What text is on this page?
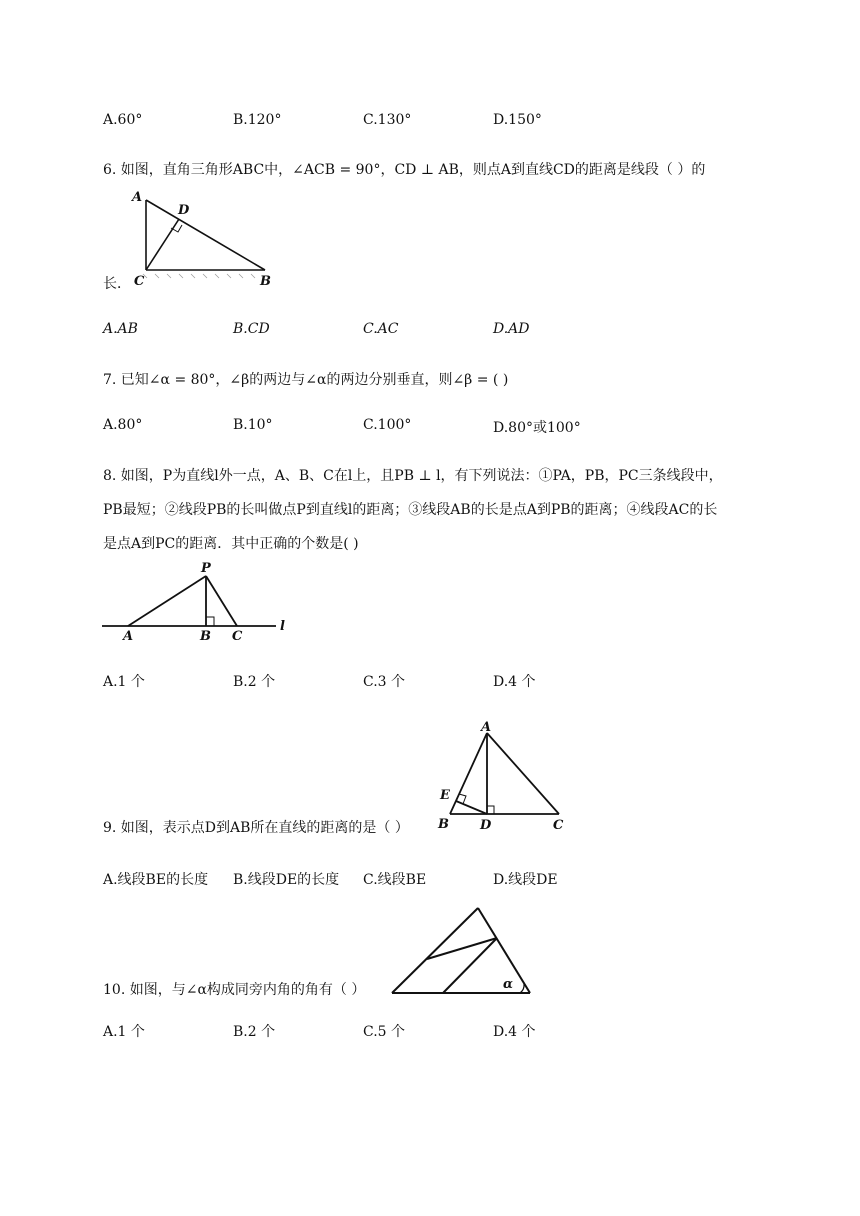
A.60°	B.120°	C.130°	D.150°
6. 如图，直角三角形ABC中，∠ACB = 90°，CD ⊥ AB，则点A到直线CD的距离是线段（ ）的
A
D
C	B
长．
A.AB	B.CD	C.AC	D.AD
7. 已知∠α = 80°，∠β的两边与∠α的两边分别垂直，则∠β = ( )
A.80°	B.10°	C.100°	D.80°或100°
8. 如图，P为直线l外一点，A、B、C在l上，且PB ⊥ l，有下列说法：①PA，PB，PC三条线段中，
PB最短；②线段PB的长叫做点P到直线l的距离；③线段AB的长是点A到PB的距离；④线段AC的长
是点A到PC的距离．其中正确的个数是( )
P
A	B C
l
A.1 个	B.2 个	C.3 个	D.4 个
A
E
B D	C
9. 如图，表示点D到AB所在直线的距离的是（ ）
A.线段BE的长度 B.线段DE的长度 C.线段BE	D.线段DE
α
10. 如图，与∠α构成同旁内角的角有（ ）
A.1 个	B.2 个	C.5 个	D.4 个
